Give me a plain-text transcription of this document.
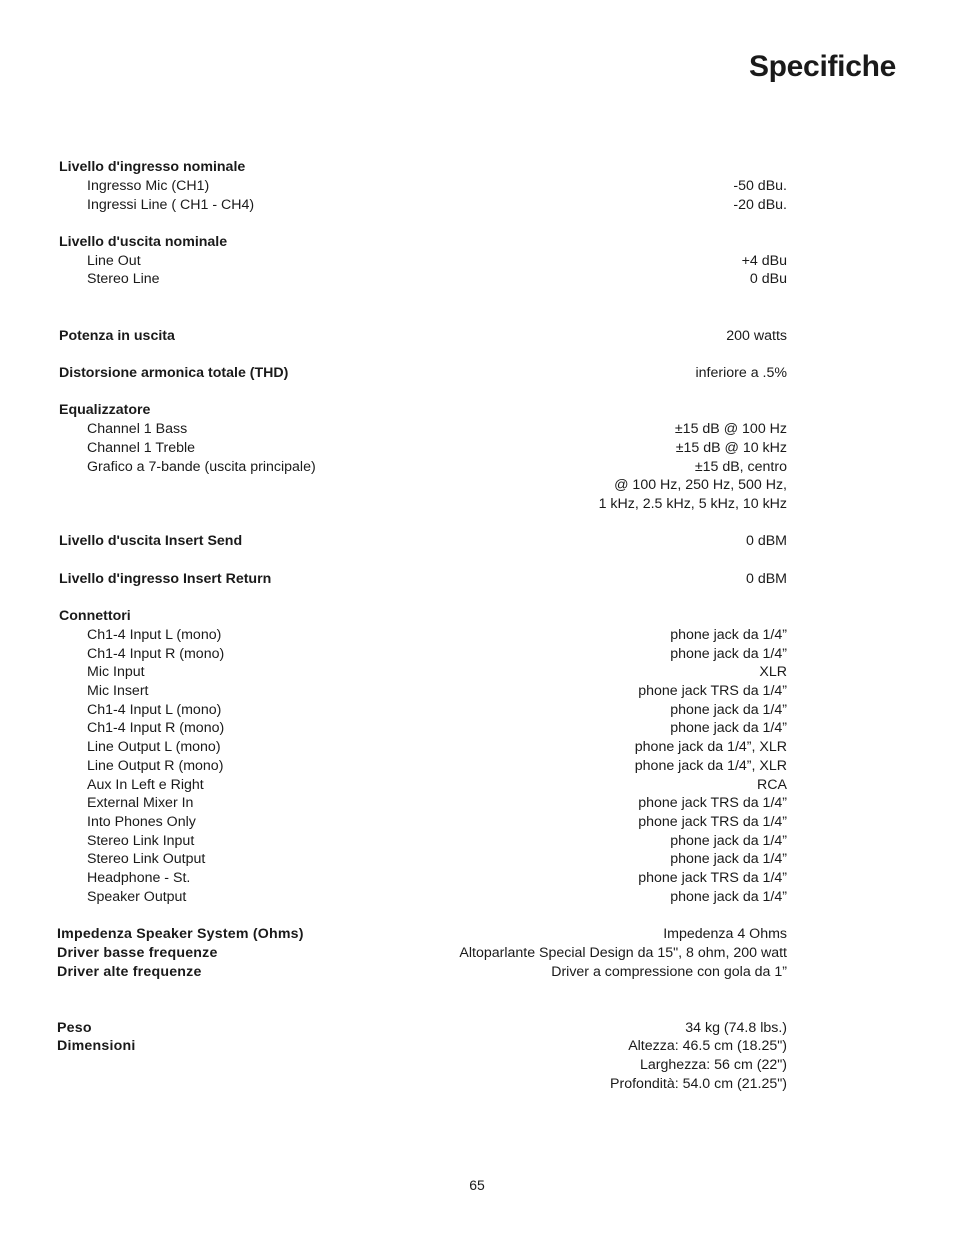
Specifiche
Livello d'ingresso nominale
Ingresso Mic (CH1)	-50 dBu.
Ingressi Line ( CH1 - CH4)	-20 dBu.
Livello d'uscita nominale
Line Out	+4 dBu
Stereo Line	0 dBu
Potenza in uscita	200 watts
Distorsione armonica totale (THD)	inferiore a .5%
Equalizzatore
Channel 1 Bass	±15 dB @ 100 Hz
Channel 1 Treble	±15 dB @ 10 kHz
Grafico a 7-bande (uscita principale)	±15 dB, centro
@ 100 Hz, 250 Hz, 500 Hz,
1 kHz, 2.5 kHz, 5 kHz, 10 kHz
Livello d'uscita Insert Send	0 dBM
Livello d'ingresso Insert Return	0 dBM
Connettori
Ch1-4 Input L (mono)	phone jack da 1/4”
Ch1-4 Input R (mono)	phone jack da 1/4”
Mic Input	XLR
Mic Insert	phone jack TRS da 1/4”
Ch1-4 Input L (mono)	phone jack da 1/4”
Ch1-4 Input R (mono)	phone jack da 1/4”
Line Output L (mono)	phone jack da 1/4”, XLR
Line Output R (mono)	phone jack da 1/4”, XLR
Aux In Left e Right	RCA
External Mixer In	phone jack TRS da 1/4”
Into Phones Only	phone jack TRS da 1/4”
Stereo Link Input	phone jack da 1/4”
Stereo Link Output	phone jack da 1/4”
Headphone - St.	phone jack TRS da 1/4”
Speaker Output	phone jack da 1/4”
Impedenza Speaker System (Ohms)	Impedenza 4 Ohms
Driver basse frequenze	Altoparlante Special Design da 15", 8 ohm, 200 watt
Driver alte frequenze	Driver a compressione con gola da 1”
Peso	34 kg (74.8 lbs.)
Dimensioni	Altezza: 46.5 cm (18.25")
Larghezza: 56 cm (22")
Profondità: 54.0 cm (21.25")
65
